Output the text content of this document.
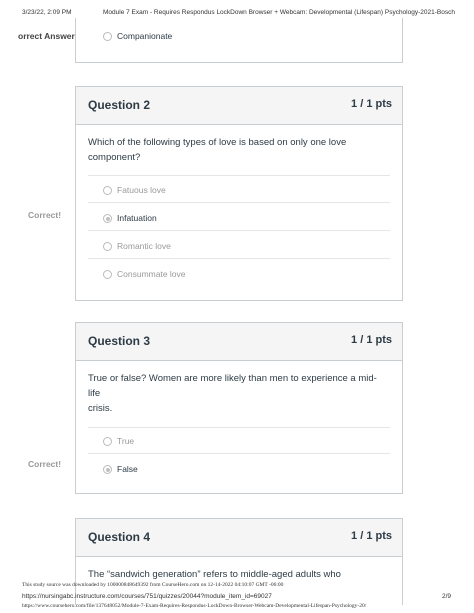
3/23/22, 2:09 PM	Module 7 Exam - Requires Respondus LockDown Browser + Webcam: Developmental (Lifespan) Psychology-2021-Bosch
orrect Answer	Companionate
Question 2	1 / 1 pts
Which of the following types of love is based on only one love
component?
Fatuous love
Infatuation
Romantic love
Consummate love
Correct!
Question 3	1 / 1 pts
True or false? Women are more likely than men to experience a mid-life
crisis.
True
False
Correct!
Question 4	1 / 1 pts
The “sandwich generation” refers to middle-aged adults who
This study source was downloaded by 100000848649392 from CourseHero.com on 12-14-2022 04:10:07 GMT -06:00
https://nursingabc.instructure.com/courses/751/quizzes/20044?module_item_id=69027	2/9
https://www.coursehero.com/file/137648052/Module-7-Exam-Requires-Respondus-LockDown-Browser-Webcam-Developmental-Lifespan-Psychology-20/
